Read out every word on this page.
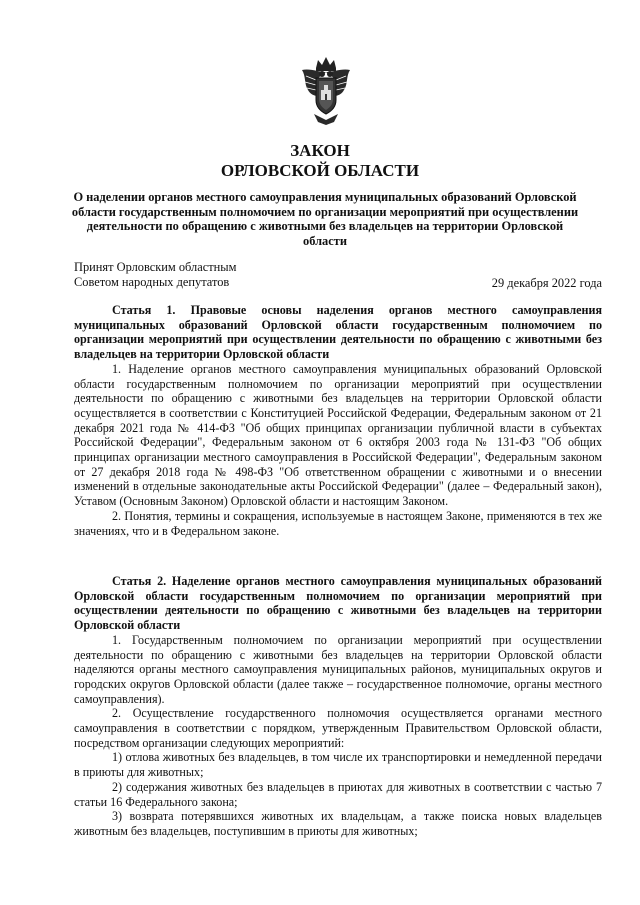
ЗАКОН
ОРЛОВСКОЙ ОБЛАСТИ
О наделении органов местного самоуправления муниципальных образований Орловской области государственным полномочием по организации мероприятий при осуществлении деятельности по обращению с животными без владельцев на территории Орловской области
Принят Орловским областным
Советом народных депутатов	29 декабря 2022 года

Статья 1. Правовые основы наделения органов местного самоуправления муниципальных образований Орловской области государственным полномочием по организации мероприятий при осуществлении деятельности по обращению с животными без владельцев на территории Орловской области

1. Наделение органов местного самоуправления муниципальных образований Орловской области государственным полномочием по организации мероприятий при осуществлении деятельности по обращению с животными без владельцев на территории Орловской области осуществляется в соответствии с Конституцией Российской Федерации, Федеральным законом от 21 декабря 2021 года № 414-ФЗ "Об общих принципах организации публичной власти в субъектах Российской Федерации", Федеральным законом от 6 октября 2003 года № 131-ФЗ "Об общих принципах организации местного самоуправления в Российской Федерации", Федеральным законом от 27 декабря 2018 года № 498-ФЗ "Об ответственном обращении с животными и о внесении изменений в отдельные законодательные акты Российской Федерации" (далее – Федеральный закон), Уставом (Основным Законом) Орловской области и настоящим Законом.

2. Понятия, термины и сокращения, используемые в настоящем Законе, применяются в тех же значениях, что и в Федеральном законе.

Статья 2. Наделение органов местного самоуправления муниципальных образований Орловской области государственным полномочием по организации мероприятий при осуществлении деятельности по обращению с животными без владельцев на территории Орловской области

1. Государственным полномочием по организации мероприятий при осуществлении деятельности по обращению с животными без владельцев на территории Орловской области наделяются органы местного самоуправления муниципальных районов, муниципальных округов и городских округов Орловской области (далее также – государственное полномочие, органы местного самоуправления).

2. Осуществление государственного полномочия осуществляется органами местного самоуправления в соответствии с порядком, утвержденным Правительством Орловской области, посредством организации следующих мероприятий:

1) отлова животных без владельцев, в том числе их транспортировки и немедленной передачи в приюты для животных;

2) содержания животных без владельцев в приютах для животных в соответствии с частью 7 статьи 16 Федерального закона;

3) возврата потерявшихся животных их владельцам, а также поиска новых владельцев животным без владельцев, поступившим в приюты для животных;
